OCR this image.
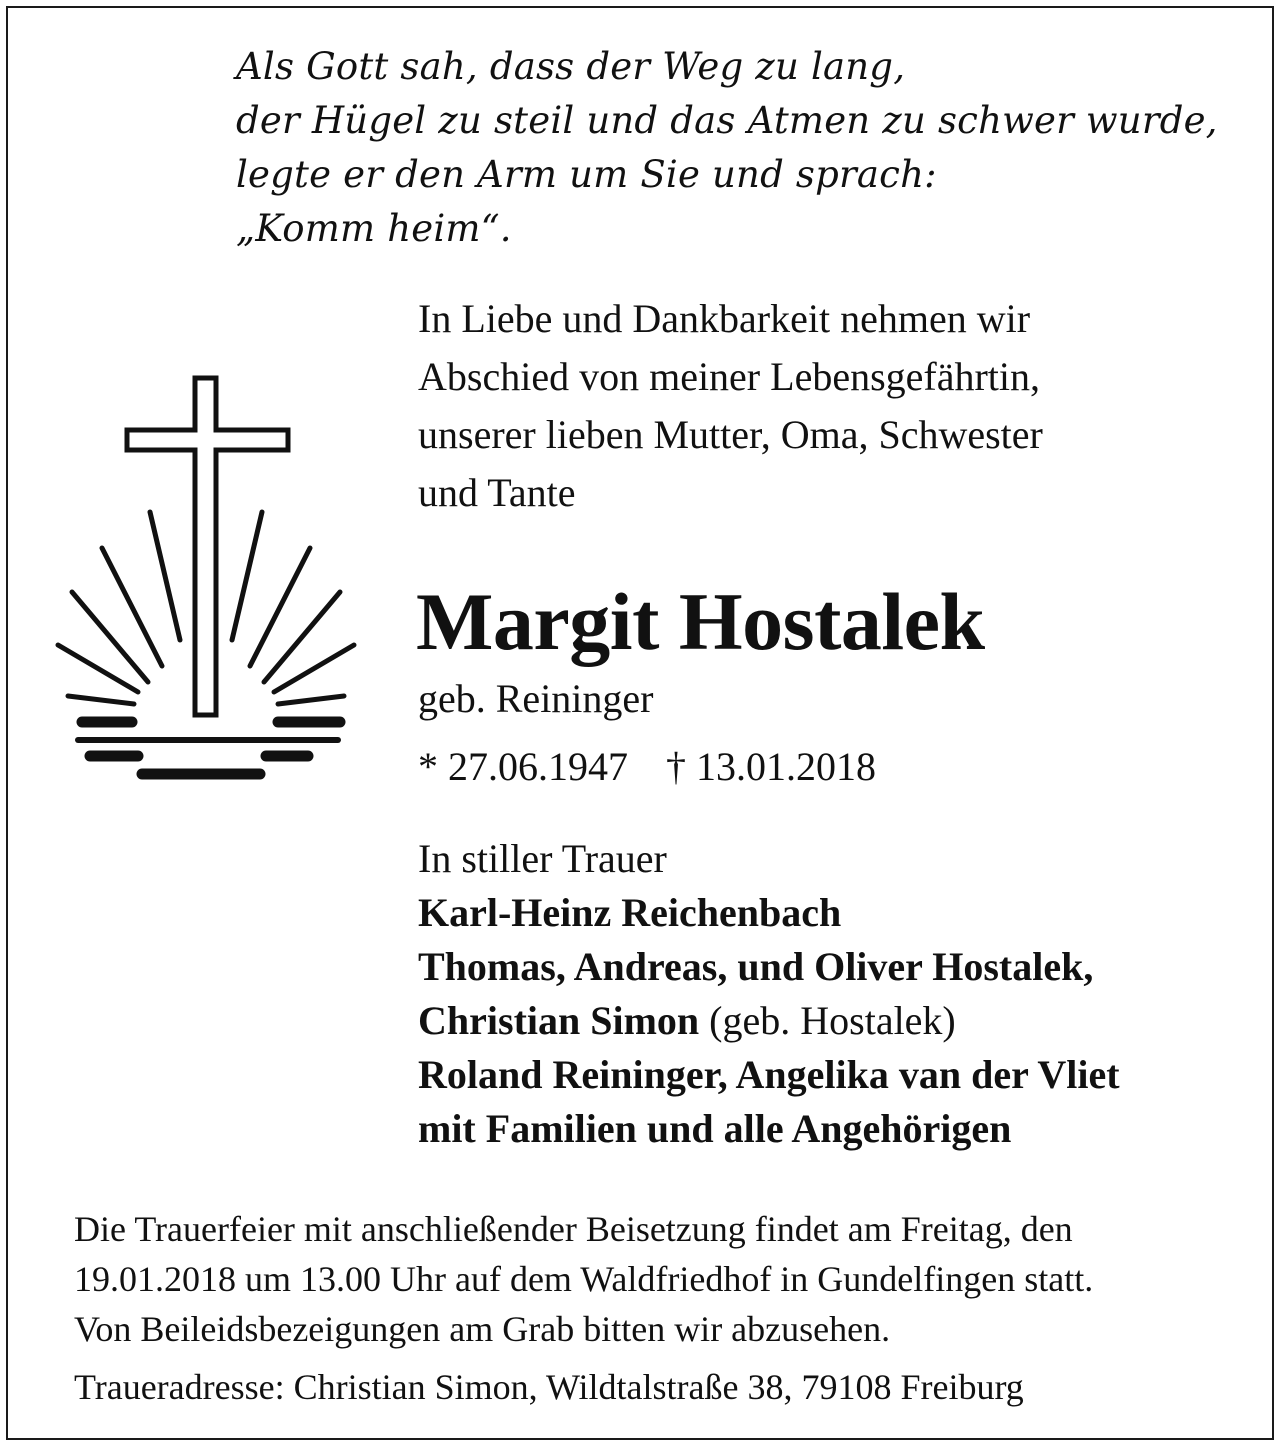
Als Gott sah, dass der Weg zu lang,
der Hügel zu steil und das Atmen zu schwer wurde,
legte er den Arm um Sie und sprach:
„Komm heim“.
In Liebe und Dankbarkeit nehmen wir
Abschied von meiner Lebensgefährtin,
unserer lieben Mutter, Oma, Schwester
und Tante
Margit Hostalek
geb. Reininger
* 27.06.1947 † 13.01.2018
In stiller Trauer
Karl-Heinz Reichenbach
Thomas, Andreas, und Oliver Hostalek,
Christian Simon (geb. Hostalek)
Roland Reininger, Angelika van der Vliet
mit Familien und alle Angehörigen
Die Trauerfeier mit anschließender Beisetzung findet am Freitag, den
19.01.2018 um 13.00 Uhr auf dem Waldfriedhof in Gundelfingen statt.
Von Beileidsbezeigungen am Grab bitten wir abzusehen.
Traueradresse: Christian Simon, Wildtalstraße 38, 79108 Freiburg
